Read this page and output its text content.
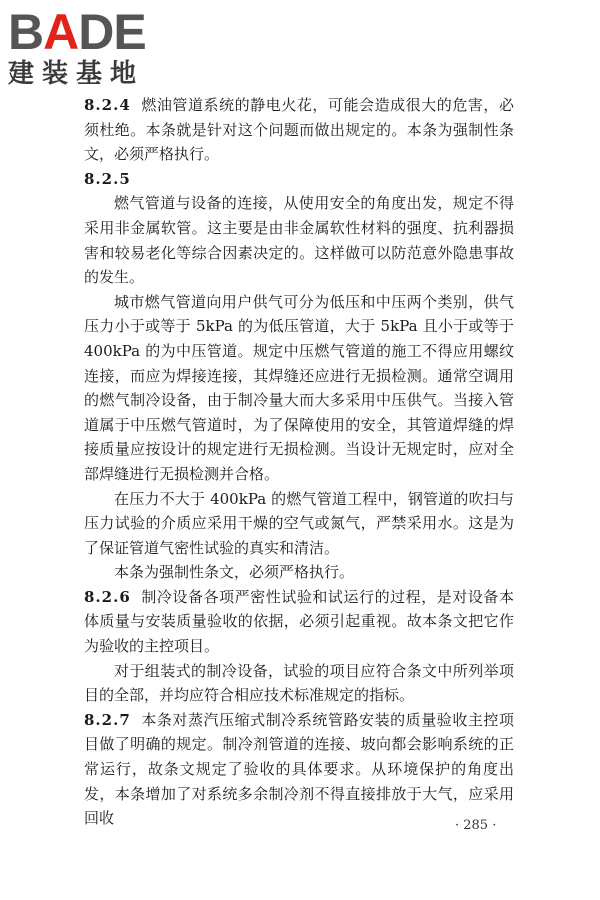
BADE
建装基地

8.2.4 燃油管道系统的静电火花，可能会造成很大的危害，必须杜绝。本条就是针对这个问题而做出规定的。本条为强制性条文，必须严格执行。

8.2.5

燃气管道与设备的连接，从使用安全的角度出发，规定不得采用非金属软管。这主要是由非金属软性材料的强度、抗利器损害和较易老化等综合因素决定的。这样做可以防范意外隐患事故的发生。

城市燃气管道向用户供气可分为低压和中压两个类别，供气压力小于或等于 5kPa 的为低压管道，大于 5kPa 且小于或等于 400kPa 的为中压管道。规定中压燃气管道的施工不得应用螺纹连接，而应为焊接连接，其焊缝还应进行无损检测。通常空调用的燃气制冷设备，由于制冷量大而大多采用中压供气。当接入管道属于中压燃气管道时，为了保障使用的安全，其管道焊缝的焊接质量应按设计的规定进行无损检测。当设计无规定时，应对全部焊缝进行无损检测并合格。

在压力不大于 400kPa 的燃气管道工程中，钢管道的吹扫与压力试验的介质应采用干燥的空气或氮气，严禁采用水。这是为了保证管道气密性试验的真实和清洁。

本条为强制性条文，必须严格执行。

8.2.6 制冷设备各项严密性试验和试运行的过程，是对设备本体质量与安装质量验收的依据，必须引起重视。故本条文把它作为验收的主控项目。

对于组装式的制冷设备，试验的项目应符合条文中所列举项目的全部，并均应符合相应技术标准规定的指标。

8.2.7 本条对蒸汽压缩式制冷系统管路安装的质量验收主控项目做了明确的规定。制冷剂管道的连接、坡向都会影响系统的正常运行，故条文规定了验收的具体要求。从环境保护的角度出发，本条增加了对系统多余制冷剂不得直接排放于大气，应采用回收	· 285 ·
